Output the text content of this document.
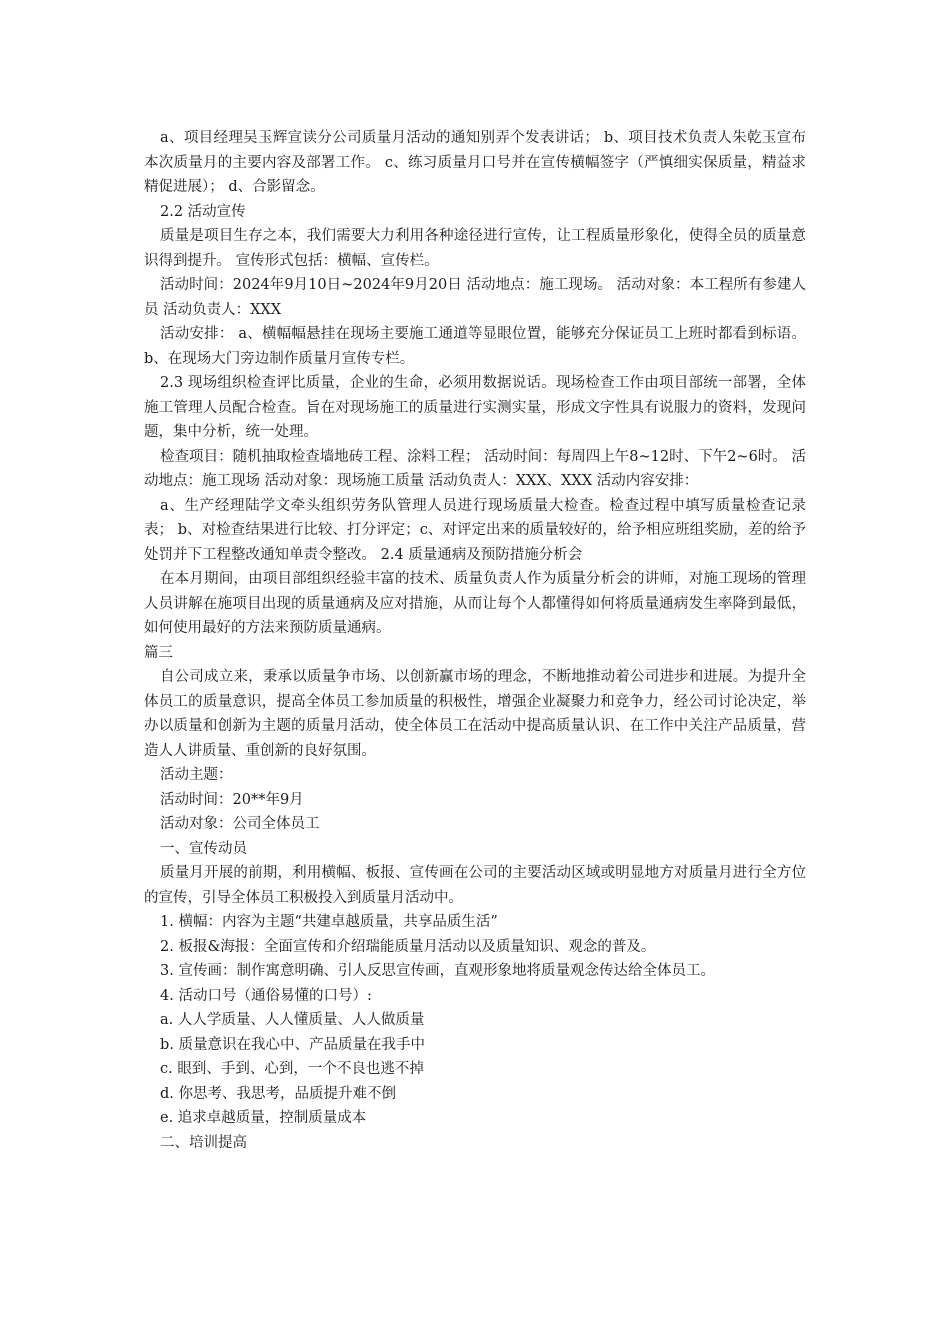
a、项目经理吴玉辉宣读分公司质量月活动的通知别弄个发表讲话； b、项目技术负责人朱乾玉宣布本次质量月的主要内容及部署工作。 c、练习质量月口号并在宣传横幅签字（严慎细实保质量，精益求精促进展）； d、合影留念。

2.2 活动宣传

质量是项目生存之本，我们需要大力利用各种途径进行宣传，让工程质量形象化，使得全员的质量意识得到提升。 宣传形式包括：横幅、宣传栏。

活动时间：2024年9月10日~2024年9月20日 活动地点：施工现场。 活动对象：本工程所有参建人员 活动负责人：XXX

活动安排： a、横幅幅悬挂在现场主要施工通道等显眼位置，能够充分保证员工上班时都看到标语。b、在现场大门旁边制作质量月宣传专栏。

2.3 现场组织检查评比质量，企业的生命，必须用数据说话。现场检查工作由项目部统一部署，全体施工管理人员配合检查。旨在对现场施工的质量进行实测实量，形成文字性具有说服力的资料，发现问题，集中分析，统一处理。

检查项目：随机抽取检查墙地砖工程、涂料工程； 活动时间：每周四上午8~12时、下午2~6时。 活动地点：施工现场 活动对象：现场施工质量 活动负责人：XXX、XXX 活动内容安排：

a、生产经理陆学文牵头组织劳务队管理人员进行现场质量大检查。检查过程中填写质量检查记录表； b、对检查结果进行比较、打分评定；c、对评定出来的质量较好的，给予相应班组奖励，差的给予处罚并下工程整改通知单责令整改。 2.4 质量通病及预防措施分析会

在本月期间，由项目部组织经验丰富的技术、质量负责人作为质量分析会的讲师，对施工现场的管理人员讲解在施项目出现的质量通病及应对措施，从而让每个人都懂得如何将质量通病发生率降到最低，如何使用最好的方法来预防质量通病。

篇三

自公司成立来，秉承以质量争市场、以创新赢市场的理念，不断地推动着公司进步和进展。为提升全体员工的质量意识，提高全体员工参加质量的积极性，增强企业凝聚力和竞争力，经公司讨论决定，举办以质量和创新为主题的质量月活动，使全体员工在活动中提高质量认识、在工作中关注产品质量，营造人人讲质量、重创新的良好氛围。

活动主题：

活动时间：20**年9月

活动对象：公司全体员工

一、宣传动员

质量月开展的前期，利用横幅、板报、宣传画在公司的主要活动区域或明显地方对质量月进行全方位的宣传，引导全体员工积极投入到质量月活动中。

1. 横幅：内容为主题“共建卓越质量，共享品质生活”

2. 板报&海报：全面宣传和介绍瑞能质量月活动以及质量知识、观念的普及。

3. 宣传画：制作寓意明确、引人反思宣传画，直观形象地将质量观念传达给全体员工。

4. 活动口号（通俗易懂的口号）:

a. 人人学质量、人人懂质量、人人做质量

b. 质量意识在我心中、产品质量在我手中

c. 眼到、手到、心到，一个不良也逃不掉

d. 你思考、我思考，品质提升难不倒

e. 追求卓越质量，控制质量成本

二、培训提高
